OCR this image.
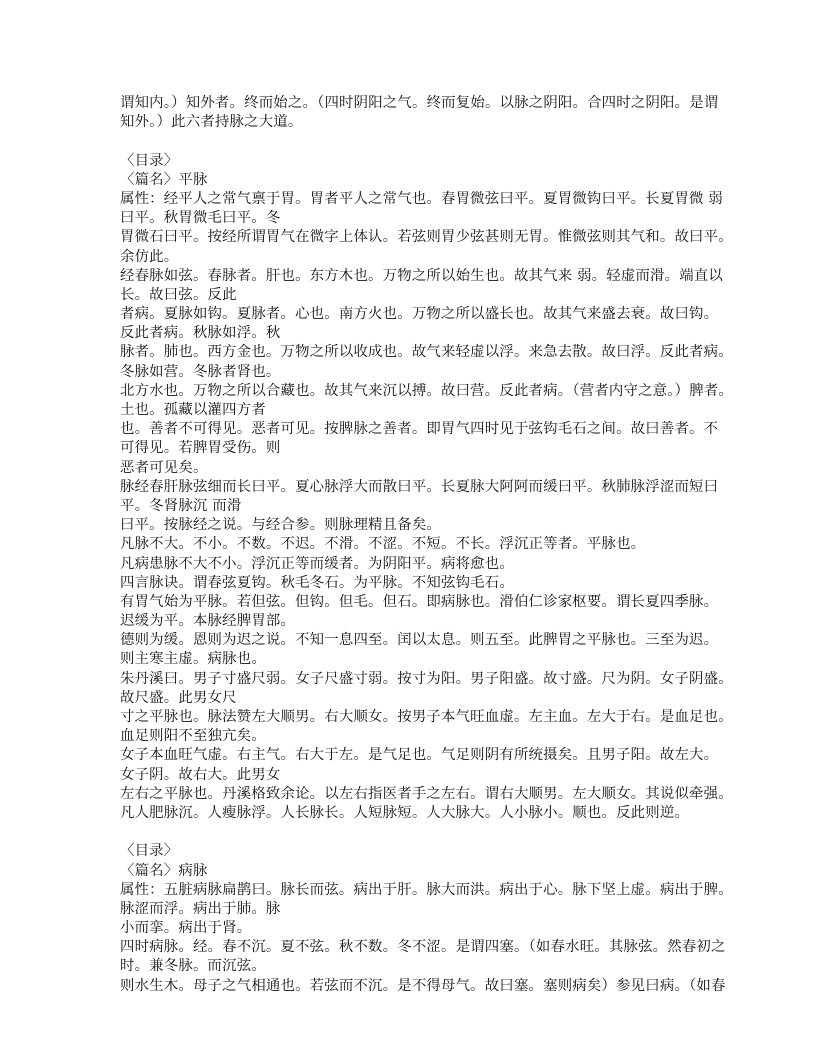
谓知内。）知外者。终而始之。（四时阴阳之气。终而复始。以脉之阴阳。合四时之阴阳。是谓
知外。）此六者持脉之大道。
〈目录〉
〈篇名〉平脉
属性：经平人之常气禀于胃。胃者平人之常气也。春胃微弦曰平。夏胃微钩曰平。长夏胃微 弱
曰平。秋胃微毛曰平。冬
胃微石曰平。按经所谓胃气在微字上体认。若弦则胃少弦甚则无胃。惟微弦则其气和。故曰平。
余仿此。
经春脉如弦。春脉者。肝也。东方木也。万物之所以始生也。故其气来 弱。轻虚而滑。端直以
长。故曰弦。反此
者病。夏脉如钩。夏脉者。心也。南方火也。万物之所以盛长也。故其气来盛去衰。故曰钩。
反此者病。秋脉如浮。秋
脉者。肺也。西方金也。万物之所以收成也。故气来轻虚以浮。来急去散。故曰浮。反此者病。
冬脉如营。冬脉者肾也。
北方水也。万物之所以合藏也。故其气来沉以搏。故曰营。反此者病。（营者内守之意。）脾者。
土也。孤藏以灌四方者
也。善者不可得见。恶者可见。按脾脉之善者。即胃气四时见于弦钩毛石之间。故曰善者。不
可得见。若脾胃受伤。则
恶者可见矣。
脉经春肝脉弦细而长曰平。夏心脉浮大而散曰平。长夏脉大阿阿而缓曰平。秋肺脉浮涩而短曰
平。冬肾脉沉 而滑
曰平。按脉经之说。与经合参。则脉理精且备矣。
凡脉不大。不小。不数。不迟。不滑。不涩。不短。不长。浮沉正等者。平脉也。
凡病患脉不大不小。浮沉正等而缓者。为阴阳平。病将愈也。
四言脉诀。谓春弦夏钩。秋毛冬石。为平脉。不知弦钩毛石。
有胃气始为平脉。若但弦。但钩。但毛。但石。即病脉也。滑伯仁诊家枢要。谓长夏四季脉。
迟缓为平。本脉经脾胃部。
德则为缓。恩则为迟之说。不知一息四至。闰以太息。则五至。此脾胃之平脉也。三至为迟。
则主寒主虚。病脉也。
朱丹溪曰。男子寸盛尺弱。女子尺盛寸弱。按寸为阳。男子阳盛。故寸盛。尺为阴。女子阴盛。
故尺盛。此男女尺
寸之平脉也。脉法赞左大顺男。右大顺女。按男子本气旺血虚。左主血。左大于右。是血足也。
血足则阳不至独亢矣。
女子本血旺气虚。右主气。右大于左。是气足也。气足则阴有所统摄矣。且男子阳。故左大。
女子阴。故右大。此男女
左右之平脉也。丹溪格致余论。以左右指医者手之左右。谓右大顺男。左大顺女。其说似牵强。
凡人肥脉沉。人瘦脉浮。人长脉长。人短脉短。人大脉大。人小脉小。顺也。反此则逆。
〈目录〉
〈篇名〉病脉
属性：五脏病脉扁鹊曰。脉长而弦。病出于肝。脉大而洪。病出于心。脉下坚上虚。病出于脾。
脉涩而浮。病出于肺。脉
小而挛。病出于肾。
四时病脉。经。春不沉。夏不弦。秋不数。冬不涩。是谓四塞。（如春水旺。其脉弦。然春初之
时。兼冬脉。而沉弦。
则水生木。母子之气相通也。若弦而不沉。是不得母气。故曰塞。塞则病矣）参见曰病。（如春
